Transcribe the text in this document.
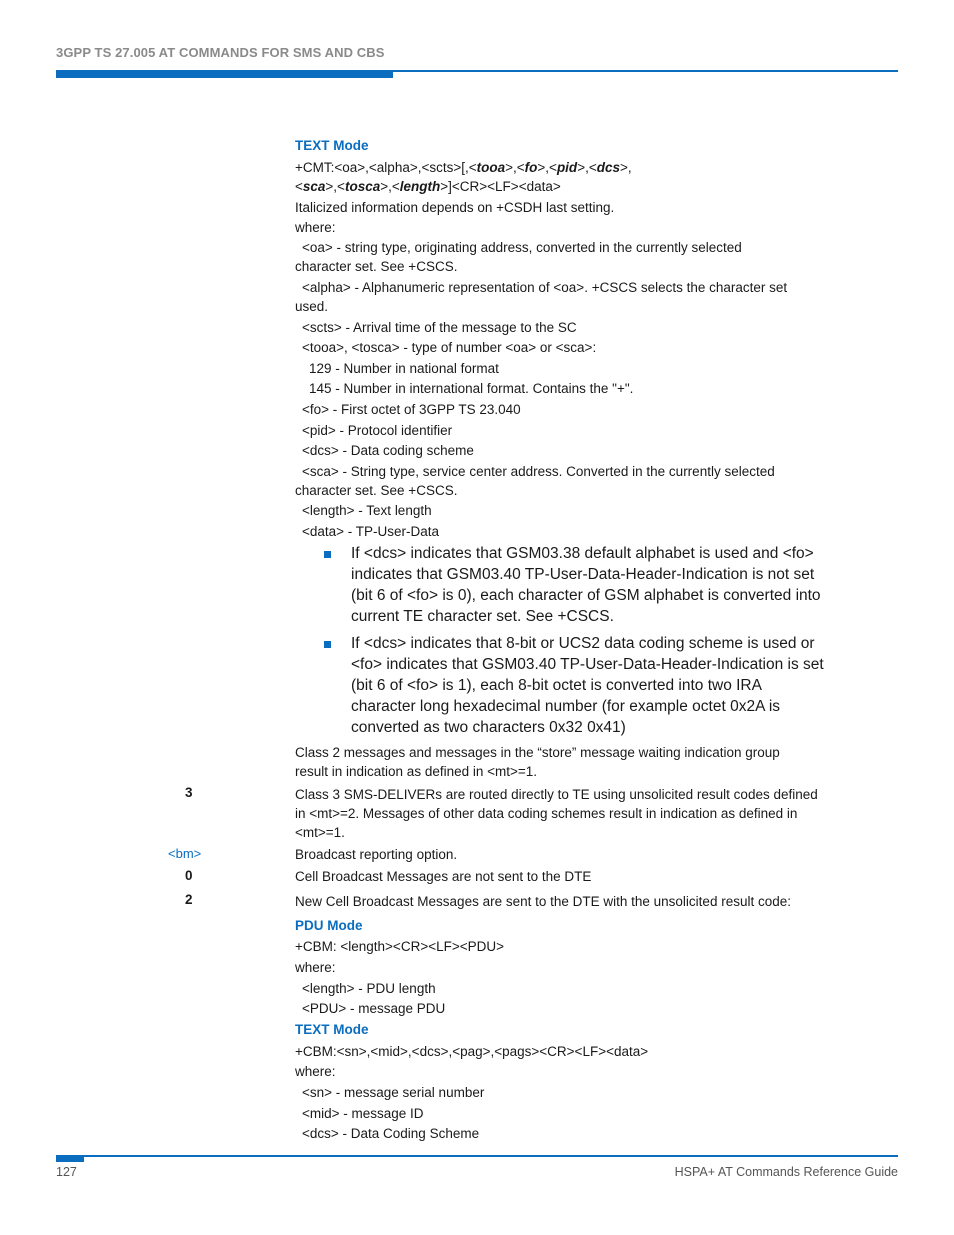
3GPP TS 27.005 AT COMMANDS FOR SMS AND CBS
TEXT Mode
+CMT:<oa>,<alpha>,<scts>[,<tooa>,<fo>,<pid>,<dcs>,
<sca>,<tosca>,<length>]<CR><LF><data>
Italicized information depends on +CSDH last setting.
where:
<oa> - string type, originating address, converted in the currently selected
character set. See +CSCS.
<alpha> - Alphanumeric representation of <oa>. +CSCS selects the character set
used.
<scts> - Arrival time of the message to the SC
<tooa>, <tosca> - type of number <oa> or <sca>:
129 - Number in national format
145 - Number in international format. Contains the "+".
<fo> - First octet of 3GPP TS 23.040
<pid> - Protocol identifier
<dcs> - Data coding scheme
<sca> - String type, service center address. Converted in the currently selected
character set. See +CSCS.
<length> - Text length
<data> - TP-User-Data
If <dcs> indicates that GSM03.38 default alphabet is used and <fo>
indicates that GSM03.40 TP-User-Data-Header-Indication is not set
(bit 6 of <fo> is 0), each character of GSM alphabet is converted into
current TE character set. See +CSCS.
If <dcs> indicates that 8-bit or UCS2 data coding scheme is used or
<fo> indicates that GSM03.40 TP-User-Data-Header-Indication is set
(bit 6 of <fo> is 1), each 8-bit octet is converted into two IRA
character long hexadecimal number (for example octet 0x2A is
converted as two characters 0x32 0x41)
Class 2 messages and messages in the “store” message waiting indication group
result in indication as defined in <mt>=1.
3	Class 3 SMS-DELIVERs are routed directly to TE using unsolicited result codes defined
in <mt>=2. Messages of other data coding schemes result in indication as defined in
<mt>=1.
<bm>	Broadcast reporting option.
0	Cell Broadcast Messages are not sent to the DTE
2	New Cell Broadcast Messages are sent to the DTE with the unsolicited result code:
PDU Mode
+CBM: <length><CR><LF><PDU>
where:
<length> - PDU length
<PDU> - message PDU
TEXT Mode
+CBM:<sn>,<mid>,<dcs>,<pag>,<pags><CR><LF><data>
where:
<sn> - message serial number
<mid> - message ID
<dcs> - Data Coding Scheme
127	HSPA+ AT Commands Reference Guide
